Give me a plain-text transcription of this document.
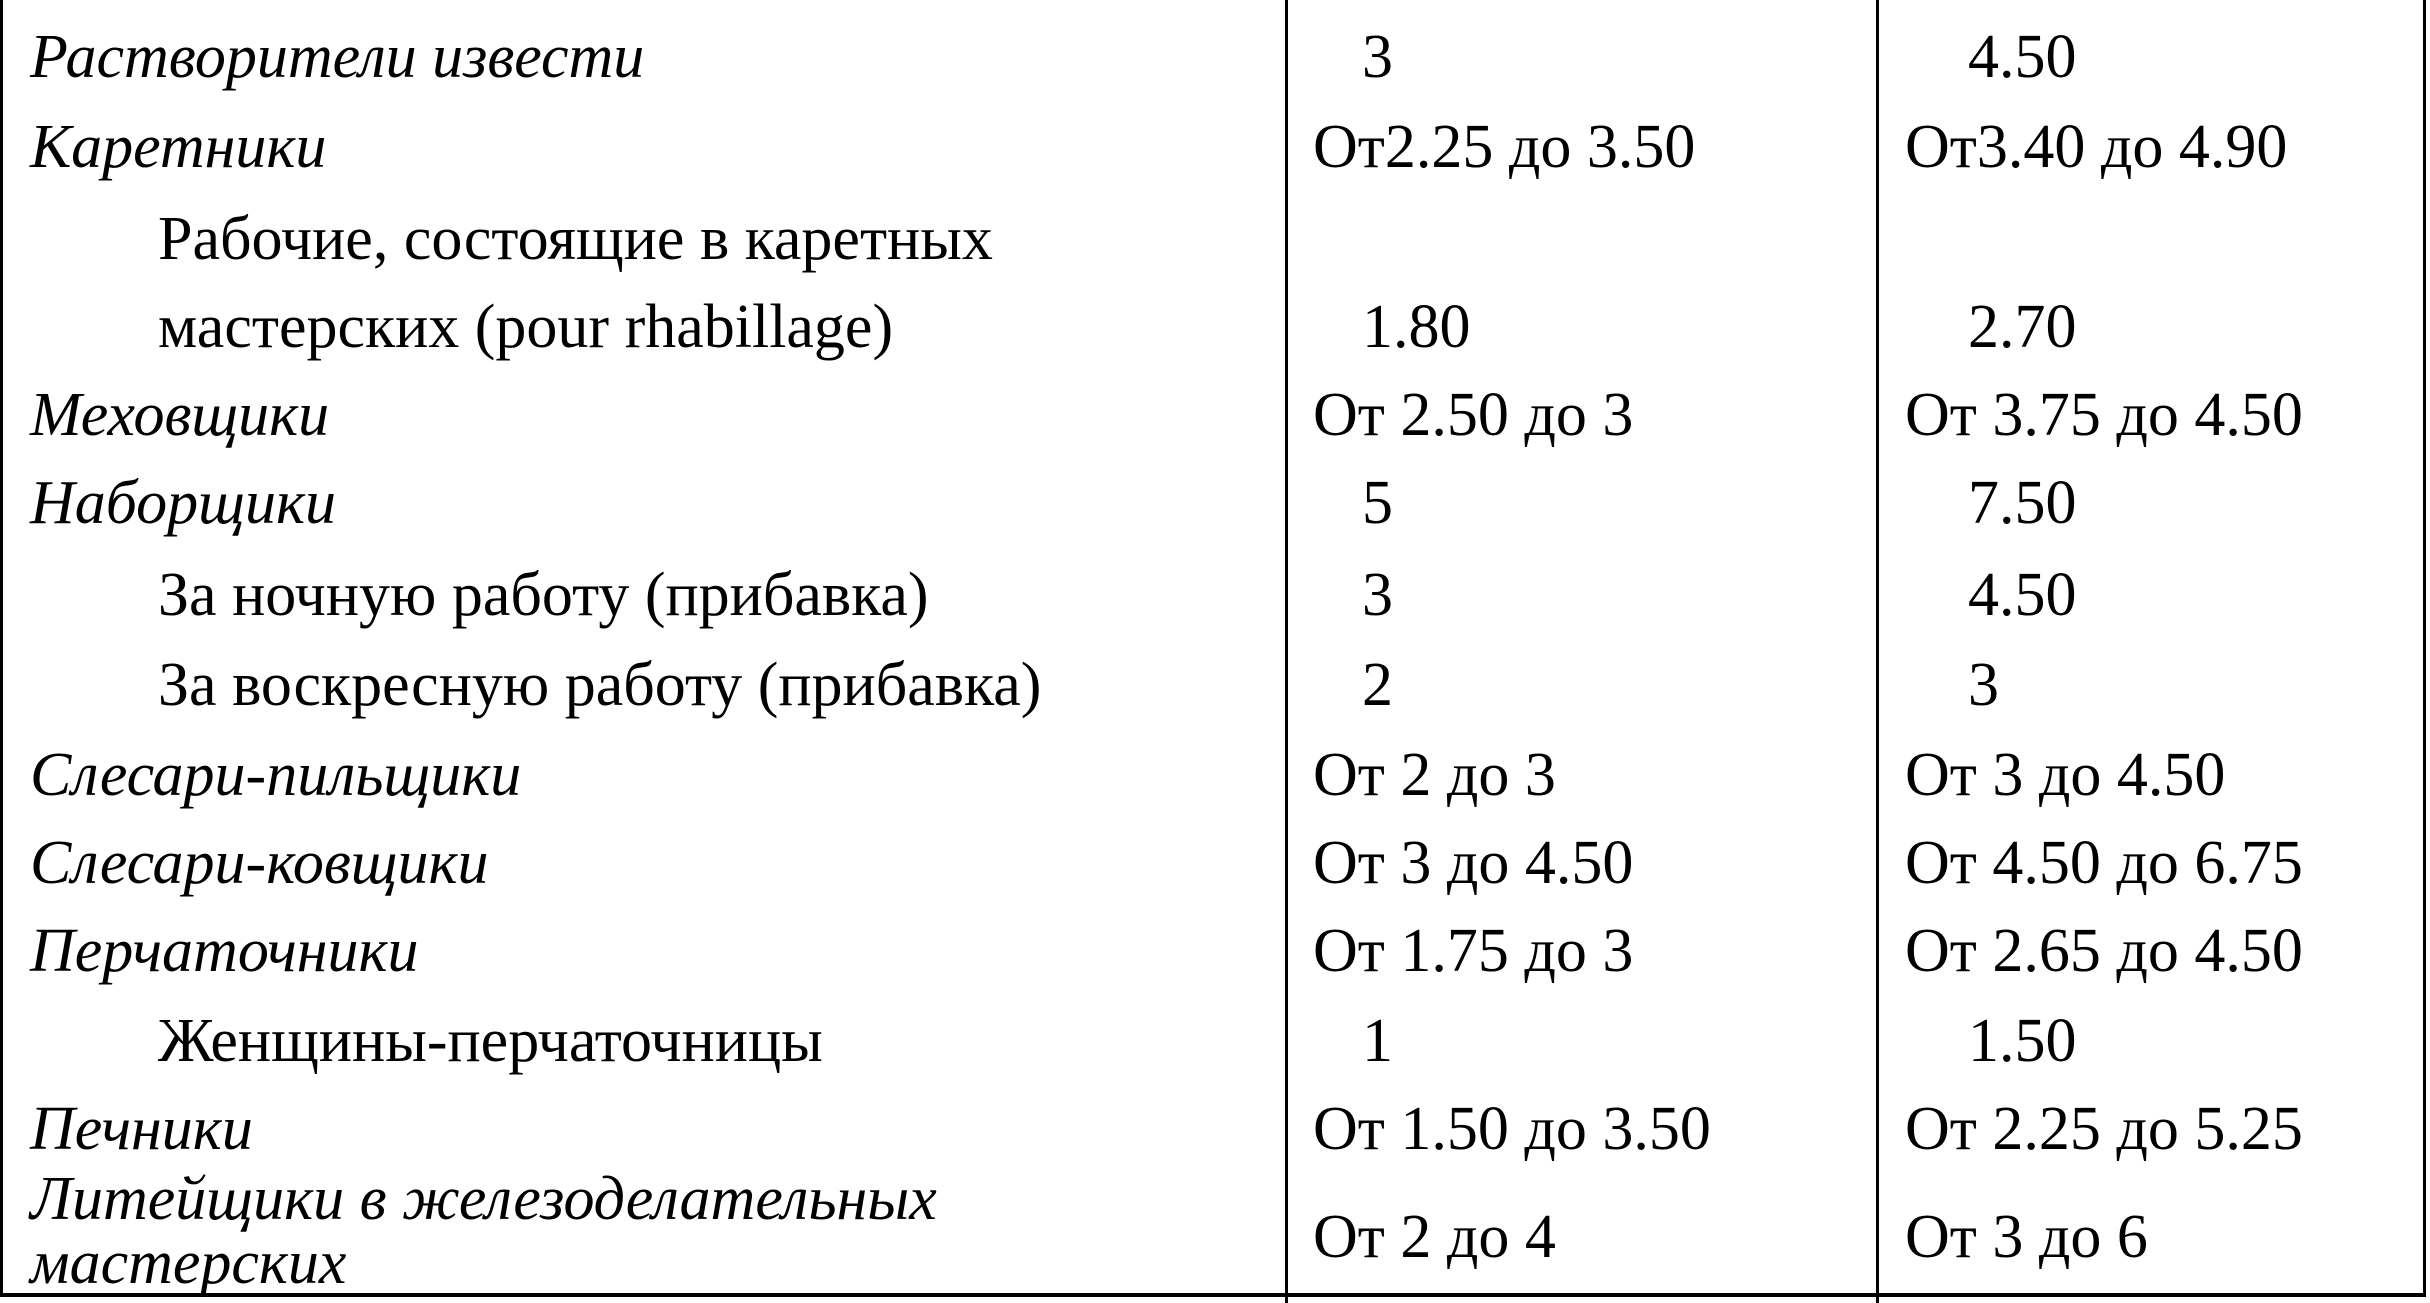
Растворители извести	3	4.50
Каретники	От2.25 до 3.50	От3.40 до 4.90
Рабочие, состоящие в каретных
мастерских (pour rhabillage)	1.80	2.70
Меховщики	От 2.50 до 3	От 3.75 до 4.50
Наборщики	5	7.50
За ночную работу (прибавка)	3	4.50
За воскресную работу (прибавка)	2	3
Слесари-пильщики	От 2 до 3	От 3 до 4.50
Слесари-ковщики	От 3 до 4.50	От 4.50 до 6.75
Перчаточники	От 1.75 до 3	От 2.65 до 4.50
Женщины-перчаточницы	1	1.50
Печники	От 1.50 до 3.50	От 2.25 до 5.25
Литейщики в железоделательных
мастерских	От 2 до 4	От 3 до 6
